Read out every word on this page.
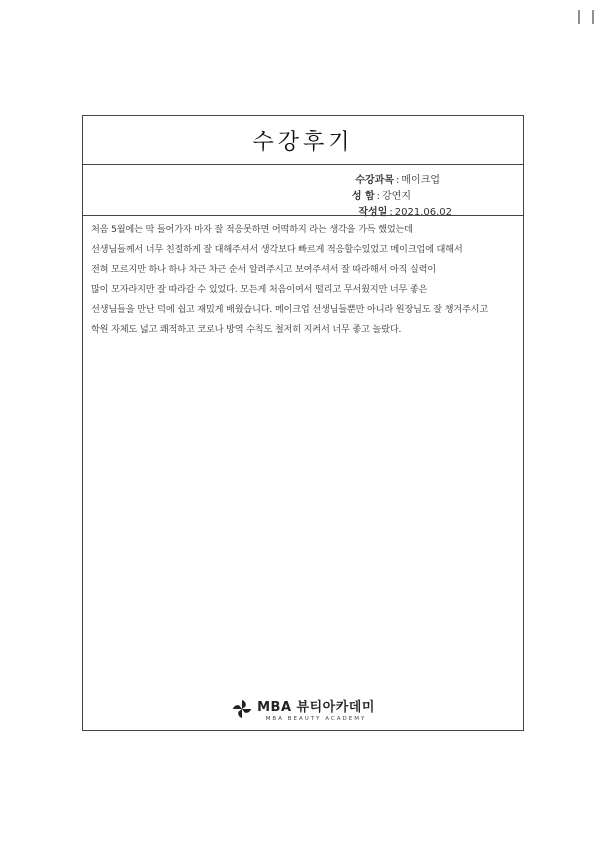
수강후기
수강과목 : 메이크업
성 함 : 강연지
작성일 : 2021.06.02

처음 5월에는 막 들어가자 마자 잘 적응못하면 어떡하지 라는 생각을 가득 했었는데

선생님들께서 너무 친절하게 잘 대해주셔서 생각보다 빠르게 적응할수있었고 메이크업에 대해서

전혀 모르지만 하나 하나 차근 차근 순서 알려주시고 보여주셔서 잘 따라해서 아직 실력이

많이 모자라지만 잘 따라갈 수 있었다. 모든게 처음이여서 떨리고 무서웠지만 너무 좋은

선생님들을 만난 덕에 쉽고 재밌게 배웠습니다. 메이크업 선생님들뿐만 아니라 원장님도 잘 챙겨주시고

학원 자체도 넓고 쾌적하고 코로나 방역 수칙도 철저히 지켜서 너무 좋고 놀랐다.

MBA 뷰티아카데미
MBA BEAUTY ACADEMY
